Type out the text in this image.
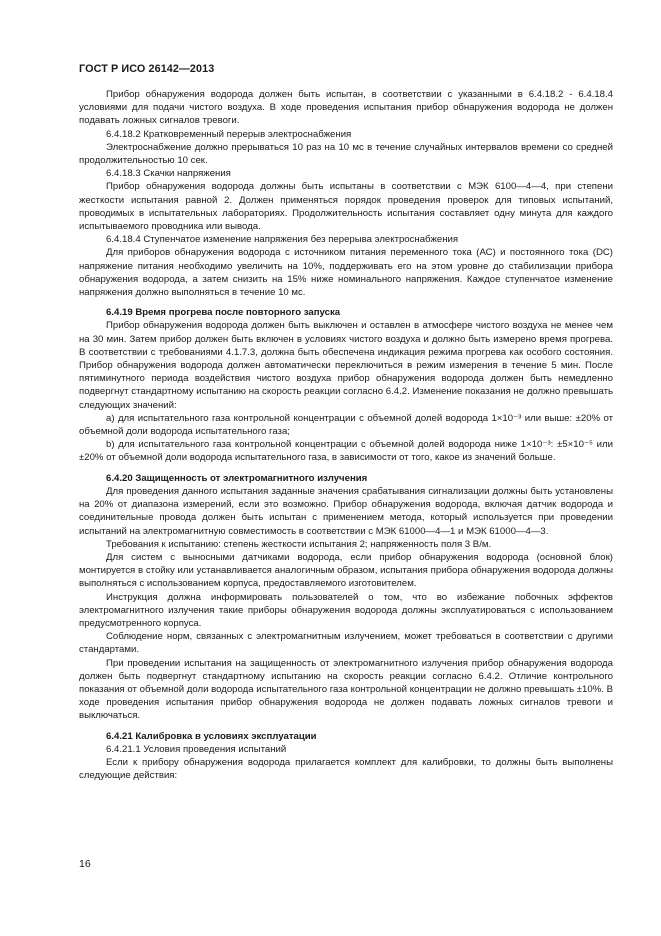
ГОСТ Р ИСО 26142—2013

Прибор обнаружения водорода должен быть испытан, в соответствии с указанными в 6.4.18.2 - 6.4.18.4 условиями для подачи чистого воздуха. В ходе проведения испытания прибор обнаружения водорода не должен подавать ложных сигналов тревоги.

6.4.18.2 Кратковременный перерыв электроснабжения

Электроснабжение должно прерываться 10 раз на 10 мс в течение случайных интервалов времени со средней продолжительностью 10 сек.

6.4.18.3 Скачки напряжения

Прибор обнаружения водорода должны быть испытаны в соответствии с МЭК 6100—4—4, при степени жесткости испытания равной 2. Должен применяться порядок проведения проверок для типовых испытаний, проводимых в испытательных лабораториях. Продолжительность испытания составляет одну минута для каждого испытываемого проводника или вывода.

6.4.18.4 Ступенчатое изменение напряжения без перерыва электроснабжения

Для приборов обнаружения водорода с источником питания переменного тока (АС) и постоянного тока (DC) напряжение питания необходимо увеличить на 10%, поддерживать его на этом уровне до стабилизации прибора обнаружения водорода, а затем снизить на 15% ниже номинального напряжения. Каждое ступенчатое изменение напряжения должно выполняться в течение 10 мс.

6.4.19 Время прогрева после повторного запуска

Прибор обнаружения водорода должен быть выключен и оставлен в атмосфере чистого воздуха не менее чем на 30 мин. Затем прибор должен быть включен в условиях чистого воздуха и должно быть измерено время прогрева. В соответствии с требованиями 4.1.7.3, должна быть обеспечена индикация режима прогрева как особого состояния. Прибор обнаружения водорода должен автоматически переключиться в режим измерения в течение 5 мин. После пятиминутного периода воздействия чистого воздуха прибор обнаружения водорода должен быть немедленно подвергнут стандартному испытанию на скорость реакции согласно 6.4.2. Изменение показания не должно превышать следующих значений:

а) для испытательного газа контрольной концентрации с объемной долей водорода 1×10⁻³ или выше: ±20% от объемной доли водорода испытательного газа;

b) для испытательного газа контрольной концентрации с объемной долей водорода ниже 1×10⁻³: ±5×10⁻⁵ или ±20% от объемной доли водорода испытательного газа, в зависимости от того, какое из значений больше.

6.4.20 Защищенность от электромагнитного излучения

Для проведения данного испытания заданные значения срабатывания сигнализации должны быть установлены на 20% от диапазона измерений, если это возможно. Прибор обнаружения водорода, включая датчик водорода и соединительные провода должен быть испытан с применением метода, который используется при проведении испытаний на электромагнитную совместимость в соответствии с МЭК 61000—4—1 и МЭК 61000—4—3.

Требования к испытанию: степень жесткости испытания 2; напряженность поля 3 В/м.

Для систем с выносными датчиками водорода, если прибор обнаружения водорода (основной блок) монтируется в стойку или устанавливается аналогичным образом, испытания прибора обнаружения водорода должны выполняться с использованием корпуса, предоставляемого изготовителем.

Инструкция должна информировать пользователей о том, что во избежание побочных эффектов электромагнитного излучения такие приборы обнаружения водорода должны эксплуатироваться с использованием предусмотренного корпуса.

Соблюдение норм, связанных с электромагнитным излучением, может требоваться в соответствии с другими стандартами.

При проведении испытания на защищенность от электромагнитного излучения прибор обнаружения водорода должен быть подвергнут стандартному испытанию на скорость реакции согласно 6.4.2. Отличие контрольного показания от объемной доли водорода испытательного газа контрольной концентрации не должно превышать ±10%. В ходе проведения испытания прибор обнаружения водорода не должен подавать ложных сигналов тревоги и выключаться.

6.4.21 Калибровка в условиях эксплуатации

6.4.21.1 Условия проведения испытаний

Если к прибору обнаружения водорода прилагается комплект для калибровки, то должны быть выполнены следующие действия:

16
